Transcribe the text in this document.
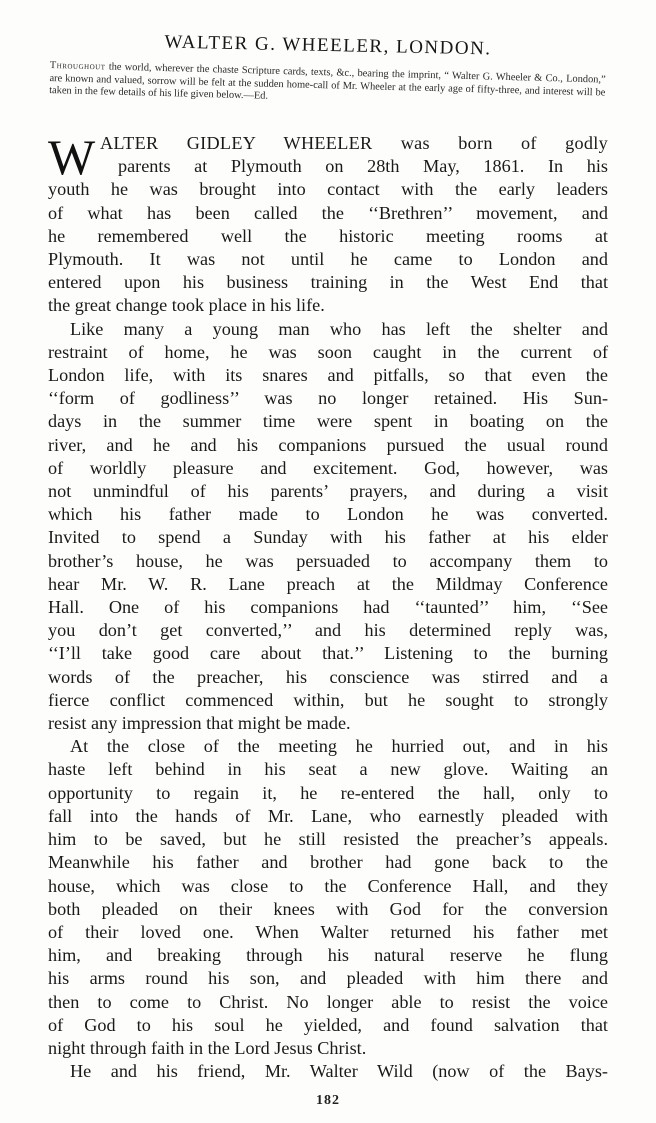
WALTER G. WHEELER, LONDON.
Throughout the world, wherever the chaste Scripture cards, texts, &c., bearing the imprint, “ Walter G. Wheeler & Co., London,” are known and valued, sorrow will be felt at the sudden home-call of Mr. Wheeler at the early age of fifty-three, and interest will be taken in the few details of his life given below.—Ed.
W ALTER GIDLEY WHEELER was born of godly
parents at Plymouth on 28th May, 1861. In his
youth he was brought into contact with the early leaders
of what has been called the ‘‘Brethren’’ movement, and
he remembered well the historic meeting rooms at
Plymouth. It was not until he came to London and
entered upon his business training in the West End that
the great change took place in his life.
Like many a young man who has left the shelter and
restraint of home, he was soon caught in the current of
London life, with its snares and pitfalls, so that even the
‘‘form of godliness’’ was no longer retained. His Sun-
days in the summer time were spent in boating on the
river, and he and his companions pursued the usual round
of worldly pleasure and excitement. God, however, was
not unmindful of his parents’ prayers, and during a visit
which his father made to London he was converted.
Invited to spend a Sunday with his father at his elder
brother’s house, he was persuaded to accompany them to
hear Mr. W. R. Lane preach at the Mildmay Conference
Hall. One of his companions had ‘‘taunted’’ him, ‘‘See
you don’t get converted,’’ and his determined reply was,
‘‘I’ll take good care about that.’’ Listening to the burning
words of the preacher, his conscience was stirred and a
fierce conflict commenced within, but he sought to strongly
resist any impression that might be made.
At the close of the meeting he hurried out, and in his
haste left behind in his seat a new glove. Waiting an
opportunity to regain it, he re-entered the hall, only to
fall into the hands of Mr. Lane, who earnestly pleaded with
him to be saved, but he still resisted the preacher’s appeals.
Meanwhile his father and brother had gone back to the
house, which was close to the Conference Hall, and they
both pleaded on their knees with God for the conversion
of their loved one. When Walter returned his father met
him, and breaking through his natural reserve he flung
his arms round his son, and pleaded with him there and
then to come to Christ. No longer able to resist the voice
of God to his soul he yielded, and found salvation that
night through faith in the Lord Jesus Christ.
He and his friend, Mr. Walter Wild (now of the Bays-
182
